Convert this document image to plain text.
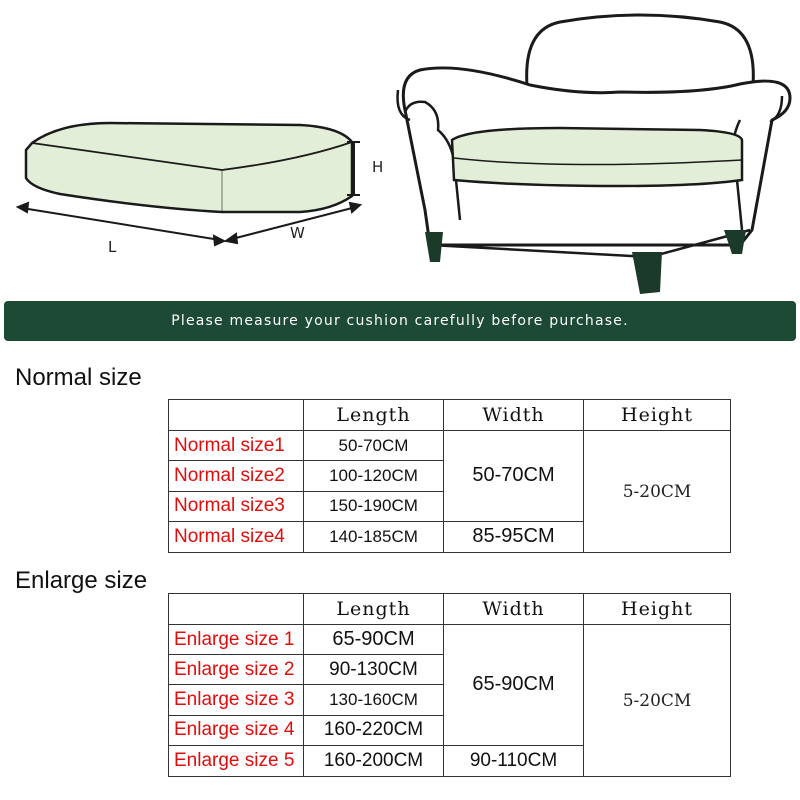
H
L
W
Please measure your cushion carefully before purchase.
Normal size
	Length	Width	Height
Normal size1	50-70CM	50-70CM	5-20CM
Normal size2	100-120CM		
Normal size3	150-190CM		
Normal size4	140-185CM	85-95CM	
Enlarge size
	Length	Width	Height
Enlarge size 1	65-90CM	65-90CM	5-20CM
Enlarge size 2	90-130CM		
Enlarge size 3	130-160CM		
Enlarge size 4	160-220CM		
Enlarge size 5	160-200CM	90-110CM	
